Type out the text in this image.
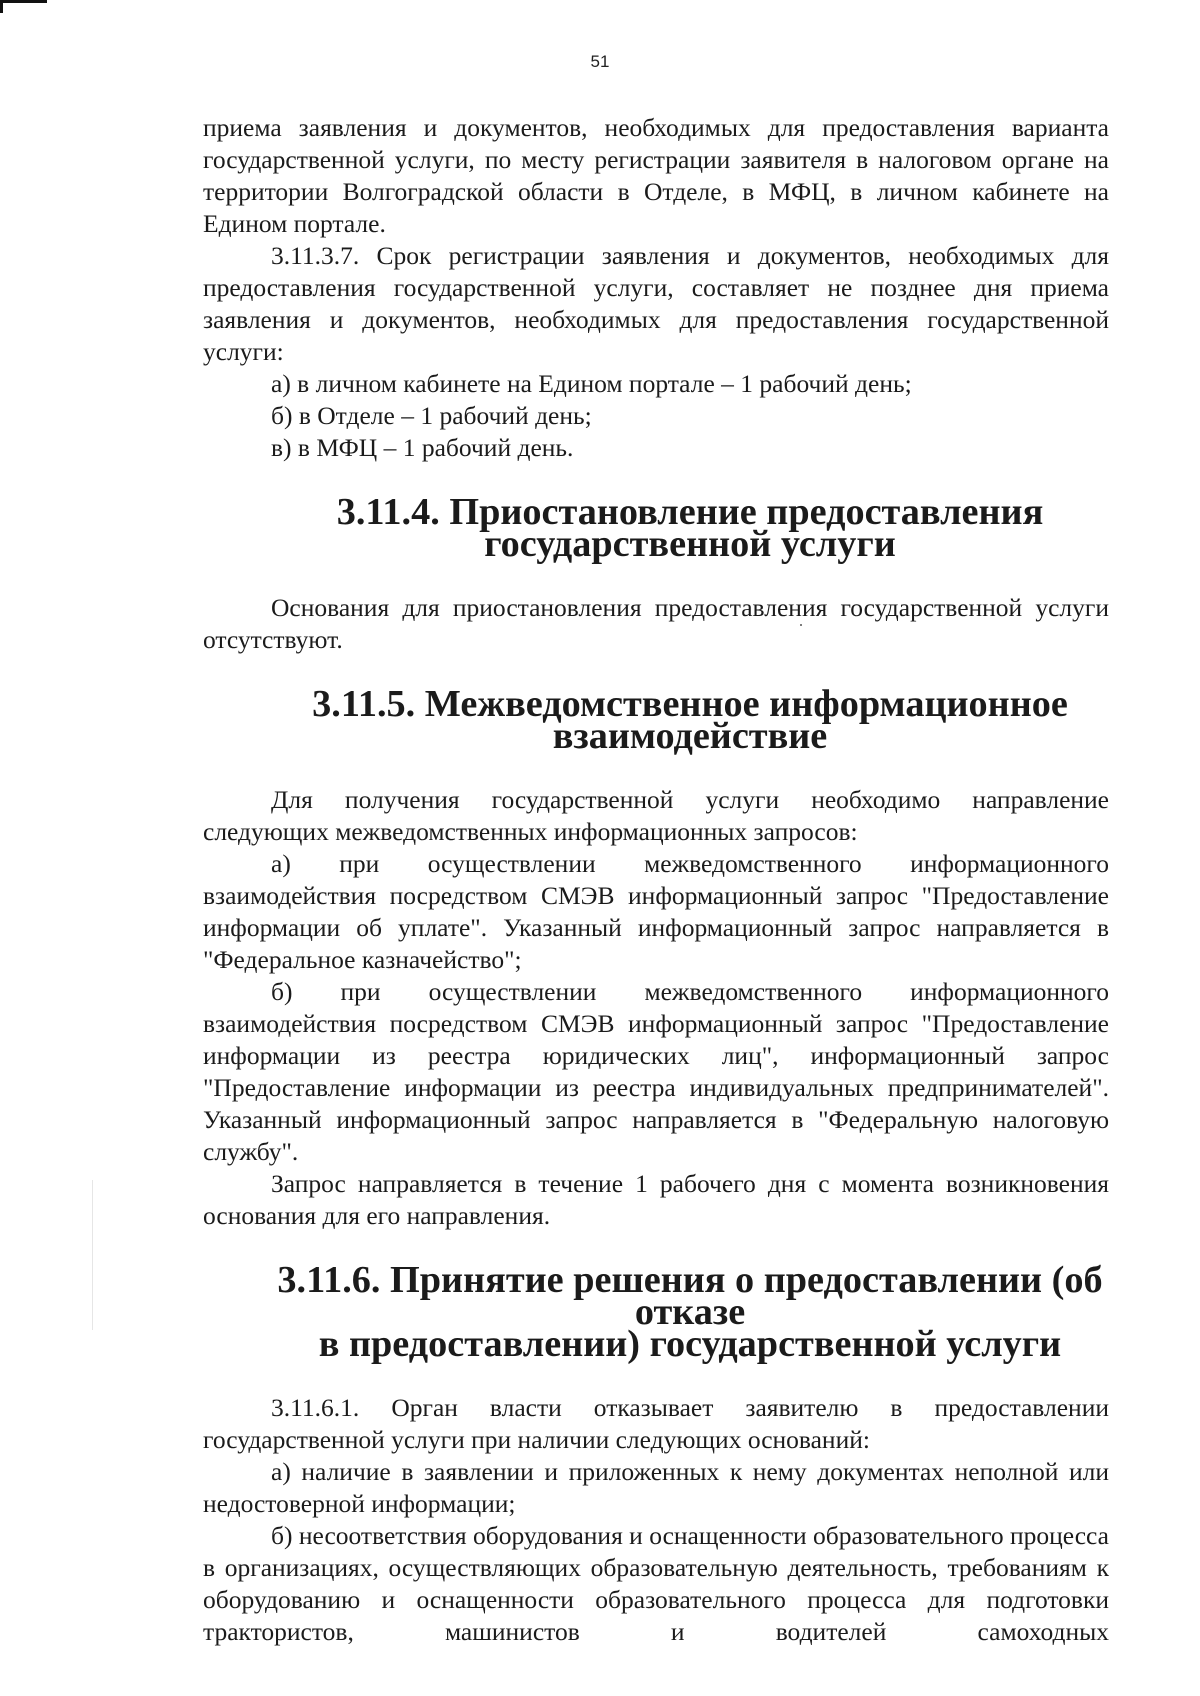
51

приема заявления и документов, необходимых для предоставления варианта государственной услуги, по месту регистрации заявителя в налоговом органе на территории Волгоградской области в Отделе, в МФЦ, в личном кабинете на Едином портале.

3.11.3.7. Срок регистрации заявления и документов, необходимых для предоставления государственной услуги, составляет не позднее дня приема заявления и документов, необходимых для предоставления государственной услуги:

а) в личном кабинете на Едином портале – 1 рабочий день;

б) в Отделе – 1 рабочий день;

в) в МФЦ – 1 рабочий день.

3.11.4. Приостановление предоставления государственной услуги

Основания для приостановления предоставления государственной услуги отсутствуют.

3.11.5. Межведомственное информационное взаимодействие

Для получения государственной услуги необходимо направление следующих межведомственных информационных запросов:

а) при осуществлении межведомственного информационного взаимодействия посредством СМЭВ информационный запрос "Предоставление информации об уплате". Указанный информационный запрос направляется в "Федеральное казначейство";

б) при осуществлении межведомственного информационного взаимодействия посредством СМЭВ информационный запрос "Предоставление информации из реестра юридических лиц", информационный запрос "Предоставление информации из реестра индивидуальных предпринимателей". Указанный информационный запрос направляется в "Федеральную налоговую службу".

Запрос направляется в течение 1 рабочего дня с момента возникновения основания для его направления.

3.11.6. Принятие решения о предоставлении (об отказе
в предоставлении) государственной услуги

3.11.6.1. Орган власти отказывает заявителю в предоставлении государственной услуги при наличии следующих оснований:

а) наличие в заявлении и приложенных к нему документах неполной или недостоверной информации;

б) несоответствия оборудования и оснащенности образовательного процесса в организациях, осуществляющих образовательную деятельность, требованиям к оборудованию и оснащенности образовательного процесса для подготовки трактористов, машинистов и водителей самоходных
